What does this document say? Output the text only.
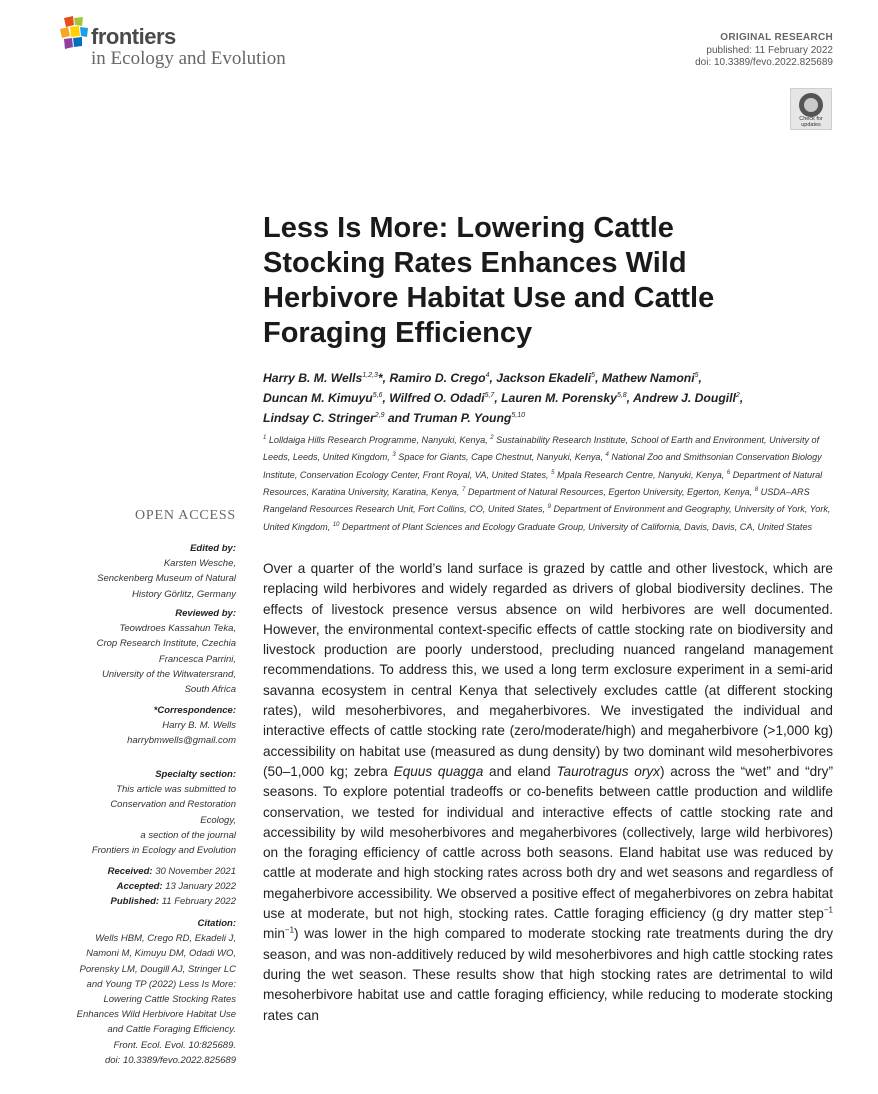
frontiers
in Ecology and Evolution
ORIGINAL RESEARCH
published: 11 February 2022
doi: 10.3389/fevo.2022.825689
Check for updates
Less Is More: Lowering Cattle
Stocking Rates Enhances Wild
Herbivore Habitat Use and Cattle
Foraging Efficiency
Harry B. M. Wells$^{1,2,3}$*, Ramiro D. Crego$^4$, Jackson Ekadeli$^5$, Mathew Namoni$^5$,
Duncan M. Kimuyu$^{5,6}$, Wilfred O. Odadi$^{5,7}$, Lauren M. Porensky$^{5,8}$, Andrew J. Dougill$^2$,
Lindsay C. Stringer$^{2,9}$ and Truman P. Young$^{5,10}$
$^1$ Lolldaiga Hills Research Programme, Nanyuki, Kenya, $^2$ Sustainability Research Institute, School of Earth and Environment, University of Leeds, Leeds, United Kingdom, $^3$ Space for Giants, Cape Chestnut, Nanyuki, Kenya, $^4$ National Zoo and Smithsonian Conservation Biology Institute, Conservation Ecology Center, Front Royal, VA, United States, $^5$ Mpala Research Centre, Nanyuki, Kenya, $^6$ Department of Natural Resources, Karatina University, Karatina, Kenya, $^7$ Department of Natural Resources, Egerton University, Egerton, Kenya, $^8$ USDA–ARS Rangeland Resources Research Unit, Fort Collins, CO, United States, $^9$ Department of Environment and Geography, University of York, York, United Kingdom, $^{10}$ Department of Plant Sciences and Ecology Graduate Group, University of California, Davis, Davis, CA, United States
OPEN ACCESS
Edited by:
Karsten Wesche,
Senckenberg Museum of Natural
History Görlitz, Germany
Reviewed by:
Teowdroes Kassahun Teka,
Crop Research Institute, Czechia
Francesca Parrini,
University of the Witwatersrand,
South Africa
*Correspondence:
Harry B. M. Wells
harrybmwells@gmail.com
Specialty section:
This article was submitted to
Conservation and Restoration
Ecology,
a section of the journal
Frontiers in Ecology and Evolution
Received: 30 November 2021
Accepted: 13 January 2022
Published: 11 February 2022
Citation:
Wells HBM, Crego RD, Ekadeli J,
Namoni M, Kimuyu DM, Odadi WO,
Porensky LM, Dougill AJ, Stringer LC
and Young TP (2022) Less Is More:
Lowering Cattle Stocking Rates
Enhances Wild Herbivore Habitat Use
and Cattle Foraging Efficiency.
Front. Ecol. Evol. 10:825689.
doi: 10.3389/fevo.2022.825689

Over a quarter of the world’s land surface is grazed by cattle and other livestock, which are replacing wild herbivores and widely regarded as drivers of global biodiversity declines. The effects of livestock presence versus absence on wild herbivores are well documented. However, the environmental context-specific effects of cattle stocking rate on biodiversity and livestock production are poorly understood, precluding nuanced rangeland management recommendations. To address this, we used a long term exclosure experiment in a semi-arid savanna ecosystem in central Kenya that selectively excludes cattle (at different stocking rates), wild mesoherbivores, and megaherbivores. We investigated the individual and interactive effects of cattle stocking rate (zero/moderate/high) and megaherbivore (>1,000 kg) accessibility on habitat use (measured as dung density) by two dominant wild mesoherbivores (50–1,000 kg; zebra Equus quagga and eland Taurotragus oryx) across the “wet” and “dry” seasons. To explore potential tradeoffs or co-benefits between cattle production and wildlife conservation, we tested for individual and interactive effects of cattle stocking rate and accessibility by wild mesoherbivores and megaherbivores (collectively, large wild herbivores) on the foraging efficiency of cattle across both seasons. Eland habitat use was reduced by cattle at moderate and high stocking rates across both dry and wet seasons and regardless of megaherbivore accessibility. We observed a positive effect of megaherbivores on zebra habitat use at moderate, but not high, stocking rates. Cattle foraging efficiency (g dry matter step$^{-1}$ $\min^{-1}$) was lower in the high compared to moderate stocking rate treatments during the dry season, and was non-additively reduced by wild mesoherbivores and high cattle stocking rates during the wet season. These results show that high stocking rates are detrimental to wild mesoherbivore habitat use and cattle foraging efficiency, while reducing to moderate stocking rates can
